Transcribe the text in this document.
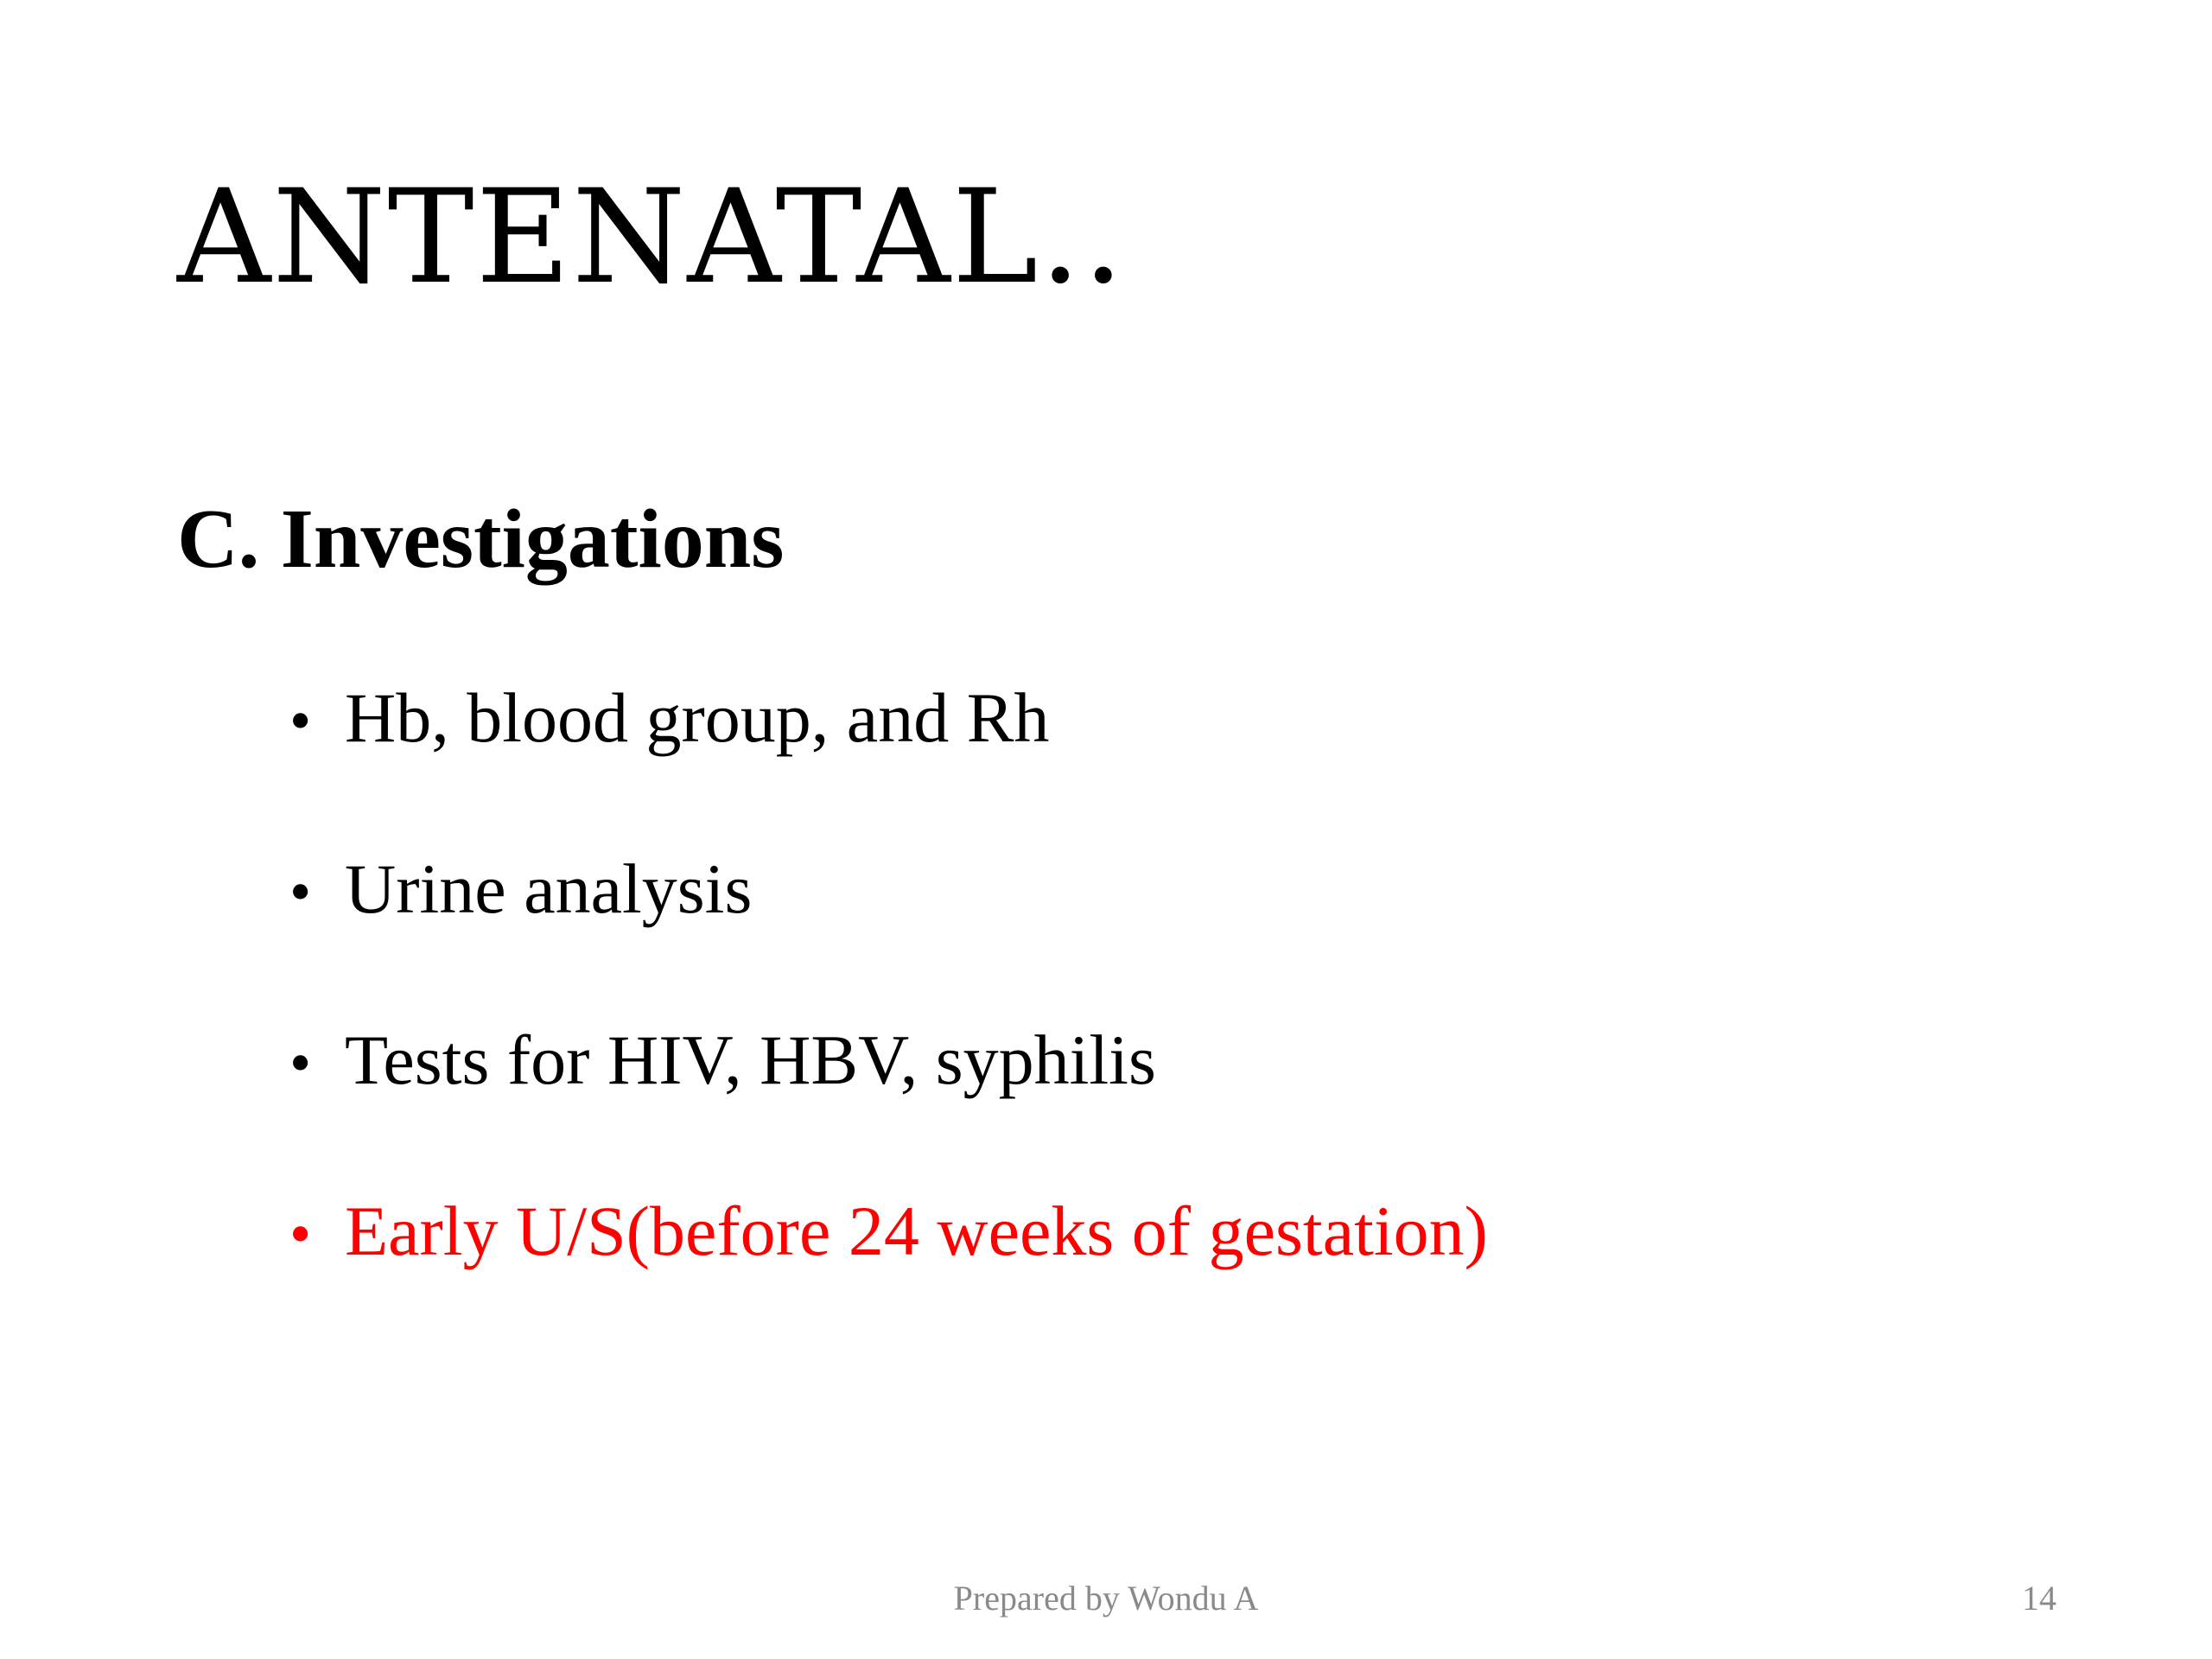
ANTENATAL..
C. Investigations
• Hb, blood group, and Rh
• Urine analysis
• Tests for HIV, HBV, syphilis
• Early U/S(before 24 weeks of gestation)
Prepared by Wondu A	14
